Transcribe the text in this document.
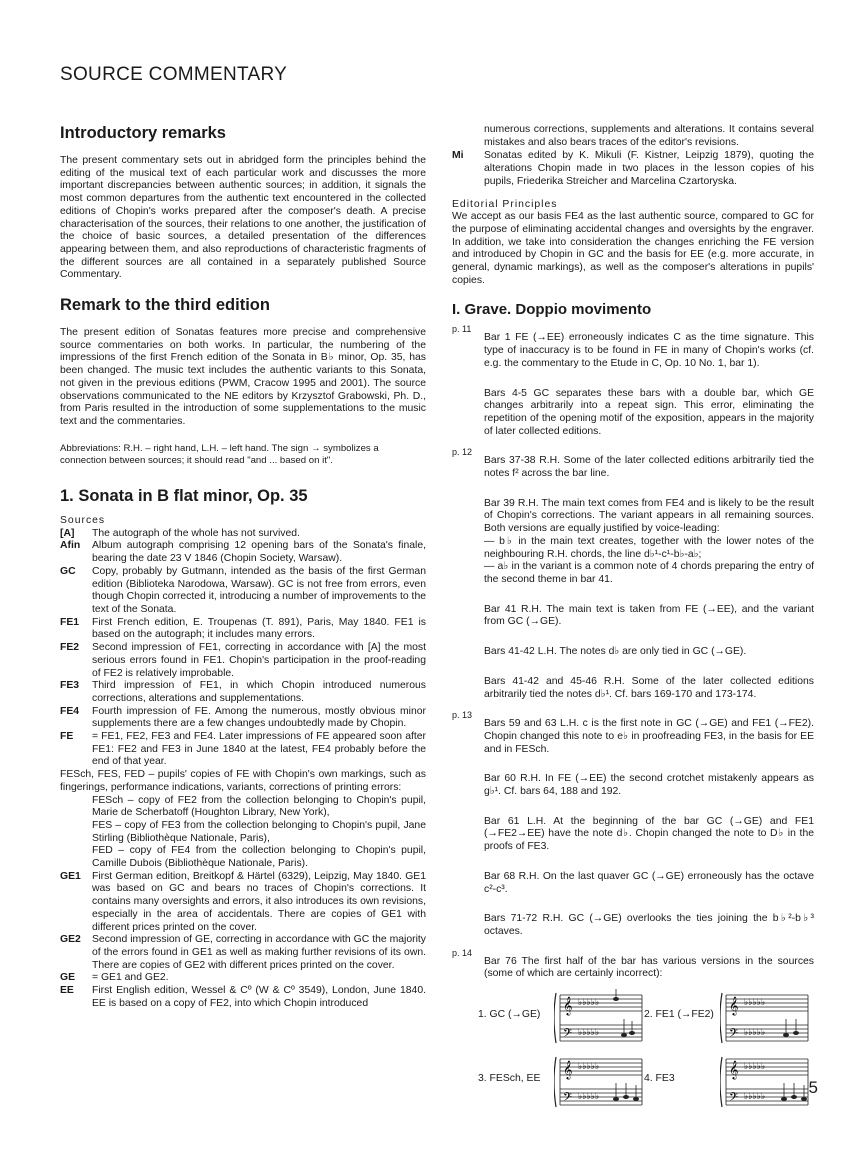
SOURCE COMMENTARY
Introductory remarks

The present commentary sets out in abridged form the principles behind the editing of the musical text of each particular work and discusses the more important discrepancies between authentic sources; in addition, it signals the most common departures from the authentic text encountered in the collected editions of Chopin's works prepared after the composer's death. A precise characterisation of the sources, their relations to one another, the justification of the choice of basic sources, a detailed presentation of the differences appearing between them, and also reproductions of characteristic fragments of the different sources are all contained in a separately published Source Commentary.

Remark to the third edition

The present edition of Sonatas features more precise and comprehensive source commentaries on both works. In particular, the numbering of the impressions of the first French edition of the Sonata in B♭ minor, Op. 35, has been changed. The music text includes the authentic variants to this Sonata, not given in the previous editions (PWM, Cracow 1995 and 2001). The source observations communicated to the NE editors by Krzysztof Grabowski, Ph. D., from Paris resulted in the introduction of some supplementations to the music text and the commentaries.

Abbreviations: R.H. – right hand, L.H. – left hand. The sign → symbolizes a connection between sources; it should read "and ... based on it".

1. Sonata in B flat minor, Op. 35
Sources
[A]	The autograph of the whole has not survived.
Afin	Album autograph comprising 12 opening bars of the Sonata's finale, bearing the date 23 V 1846 (Chopin Society, Warsaw).
GC	Copy, probably by Gutmann, intended as the basis of the first German edition (Biblioteka Narodowa, Warsaw). GC is not free from errors, even though Chopin corrected it, introducing a number of improvements to the text of the Sonata.
FE1	First French edition, E. Troupenas (T. 891), Paris, May 1840. FE1 is based on the autograph; it includes many errors.
FE2	Second impression of FE1, correcting in accordance with [A] the most serious errors found in FE1. Chopin's participation in the proof-reading of FE2 is relatively improbable.
FE3	Third impression of FE1, in which Chopin introduced numerous corrections, alterations and supplementations.
FE4	Fourth impression of FE. Among the numerous, mostly obvious minor supplements there are a few changes undoubtedly made by Chopin.
FE	= FE1, FE2, FE3 and FE4. Later impressions of FE appeared soon after FE1: FE2 and FE3 in June 1840 at the latest, FE4 probably before the end of that year.
FESch, FES, FED – pupils' copies of FE with Chopin's own markings, such as fingerings, performance indications, variants, corrections of printing errors:
FESch – copy of FE2 from the collection belonging to Chopin's pupil, Marie de Scherbatoff (Houghton Library, New York),
FES – copy of FE3 from the collection belonging to Chopin's pupil, Jane Stirling (Bibliothèque Nationale, Paris),
FED – copy of FE4 from the collection belonging to Chopin's pupil, Camille Dubois (Bibliothèque Nationale, Paris).
GE1	First German edition, Breitkopf & Härtel (6329), Leipzig, May 1840. GE1 was based on GC and bears no traces of Chopin's corrections. It contains many oversights and errors, it also introduces its own revisions, especially in the area of accidentals. There are copies of GE1 with different prices printed on the cover.
GE2	Second impression of GE, correcting in accordance with GC the majority of the errors found in GE1 as well as making further revisions of its own. There are copies of GE2 with different prices printed on the cover.
GE	= GE1 and GE2.
EE	First English edition, Wessel & Cº (W & Cº 3549), London, June 1840. EE is based on a copy of FE2, into which Chopin introduced

numerous corrections, supplements and alterations. It contains several mistakes and also bears traces of the editor's revisions.

Mi	Sonatas edited by K. Mikuli (F. Kistner, Leipzig 1879), quoting the alterations Chopin made in two places in the lesson copies of his pupils, Friederika Streicher and Marcelina Czartoryska.
Editorial Principles

We accept as our basis FE4 as the last authentic source, compared to GC for the purpose of eliminating accidental changes and oversights by the engraver. In addition, we take into consideration the changes enriching the FE version and introduced by Chopin in GC and the basis for EE (e.g. more accurate, in general, dynamic markings), as well as the composer's alterations in pupils' copies.

I. Grave. Doppio movimento
p. 11
Bar 1 FE (→EE) erroneously indicates C as the time signature. This type of inaccuracy is to be found in FE in many of Chopin's works (cf. e.g. the commentary to the Etude in C, Op. 10 No. 1, bar 1).
Bars 4-5 GC separates these bars with a double bar, which GE changes arbitrarily into a repeat sign. This error, eliminating the repetition of the opening motif of the exposition, appears in the majority of later collected editions.
p. 12
Bars 37-38 R.H. Some of the later collected editions arbitrarily tied the notes f² across the bar line.
Bar 39 R.H. The main text comes from FE4 and is likely to be the result of Chopin's corrections. The variant appears in all remaining sources. Both versions are equally justified by voice-leading:
— b♭ in the main text creates, together with the lower notes of the neighbouring R.H. chords, the line d♭¹-c¹-b♭-a♭;
— a♭ in the variant is a common note of 4 chords preparing the entry of the second theme in bar 41.
Bar 41 R.H. The main text is taken from FE (→EE), and the variant from GC (→GE).
Bars 41-42 L.H. The notes d♭ are only tied in GC (→GE).
Bars 41-42 and 45-46 R.H. Some of the later collected editions arbitrarily tied the notes d♭¹. Cf. bars 169-170 and 173-174.
p. 13
Bars 59 and 63 L.H. c is the first note in GC (→GE) and FE1 (→FE2). Chopin changed this note to e♭ in proofreading FE3, in the basis for EE and in FESch.
Bar 60 R.H. In FE (→EE) the second crotchet mistakenly appears as g♭¹. Cf. bars 64, 188 and 192.
Bar 61 L.H. At the beginning of the bar GC (→GE) and FE1 (→FE2→EE) have the note d♭. Chopin changed the note to D♭ in the proofs of FE3.
Bar 68 R.H. On the last quaver GC (→GE) erroneously has the octave c²-c³.
Bars 71-72 R.H. GC (→GE) overlooks the ties joining the b♭²-b♭³ octaves.
p. 14
Bar 76 The first half of the bar has various versions in the sources (some of which are certainly incorrect):
1. GC (→GE) 𝄞
𝄢
♭♭♭♭♭
♭♭♭♭♭
2. FE1 (→FE2) 𝄞
𝄢
♭♭♭♭♭
♭♭♭♭♭
3. FESch, EE 𝄞
𝄢
♭♭♭♭♭
♭♭♭♭♭
4. FE3	𝄞
𝄢
♭♭♭♭♭
♭♭♭♭♭
5
